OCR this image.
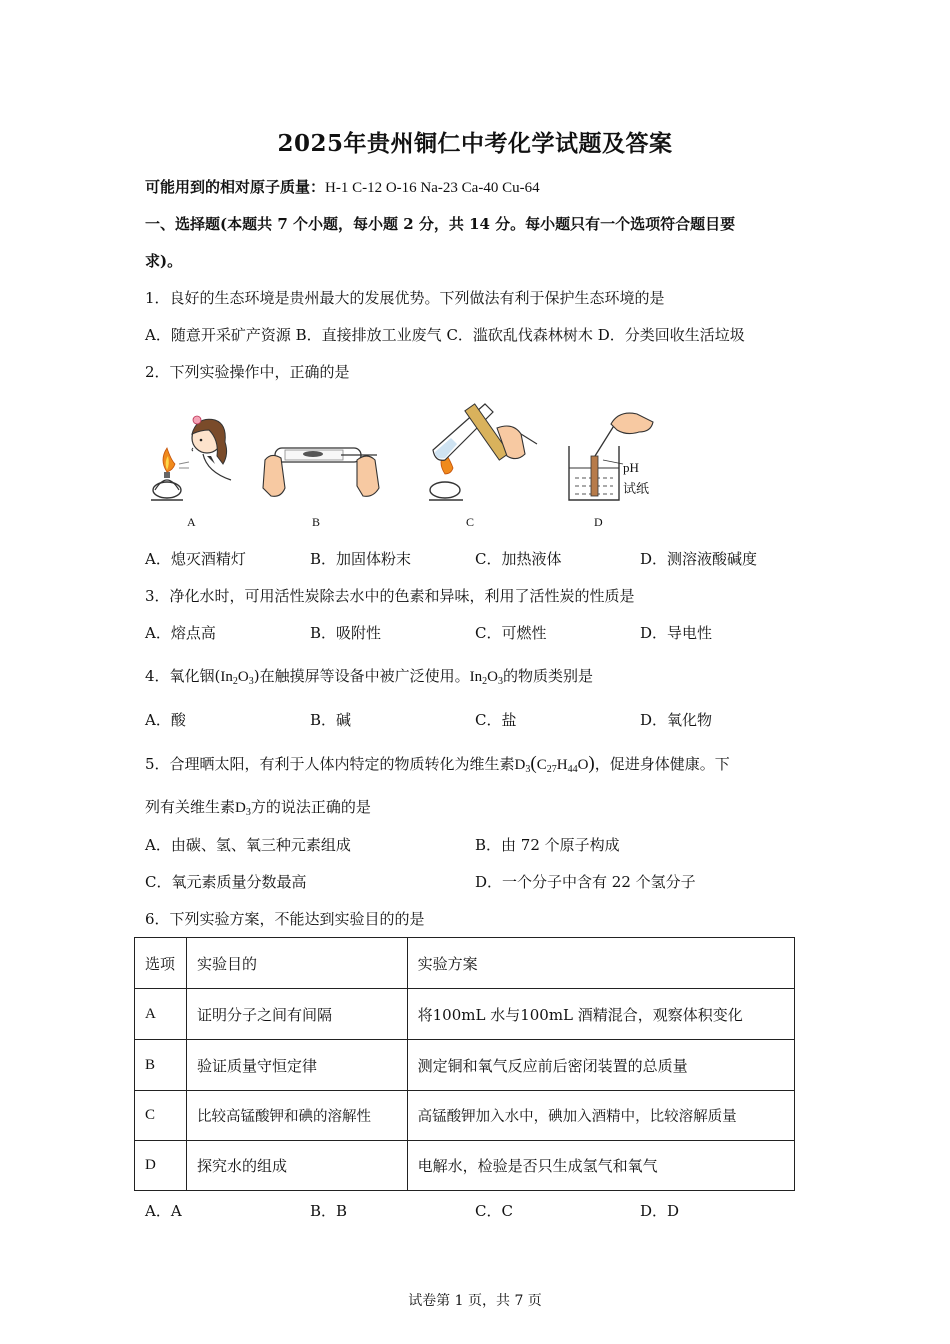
2025年贵州铜仁中考化学试题及答案
可能用到的相对原子质量：H-1 C-12 O-16 Na-23 Ca-40 Cu-64
一、选择题(本题共 7 个小题，每小题 2 分，共 14 分。每小题只有一个选项符合题目要
求)。
1．良好的生态环境是贵州最大的发展优势。下列做法有利于保护生态环境的是
A．随意开采矿产资源 B．直接排放工业废气 C．滥砍乱伐森林树木 D．分类回收生活垃圾
2．下列实验操作中，正确的是
pH
试纸
A	B	C	D
A．熄灭酒精灯	B．加固体粉末	C．加热液体	D．测溶液酸碱度
3．净化水时，可用活性炭除去水中的色素和异味，利用了活性炭的性质是
A．熔点高	B．吸附性	C．可燃性	D．导电性
4．氧化铟$(In_2O_3)$在触摸屏等设备中被广泛使用。$In_2O_3$的物质类别是
A．酸	B．碱	C．盐	D．氧化物
5．合理晒太阳，有利于人体内特定的物质转化为维生素$D_3(C_{27}H_{44}O)$，促进身体健康。下
列有关维生素$D_3$方的说法正确的是
A．由碳、氢、氧三种元素组成	B．由 72 个原子构成
C．氧元素质量分数最高	D．一个分子中含有 22 个氢分子
6．下列实验方案，不能达到实验目的的是
选项	实验目的	实验方案
A	证明分子之间有间隔	将100mL 水与100mL 酒精混合，观察体积变化
B	验证质量守恒定律	测定铜和氧气反应前后密闭装置的总质量
C	比较高锰酸钾和碘的溶解性	高锰酸钾加入水中，碘加入酒精中，比较溶解质量
D	探究水的组成	电解水，检验是否只生成氢气和氧气
A．A	B．B	C．C	D．D
试卷第 1 页，共 7 页
